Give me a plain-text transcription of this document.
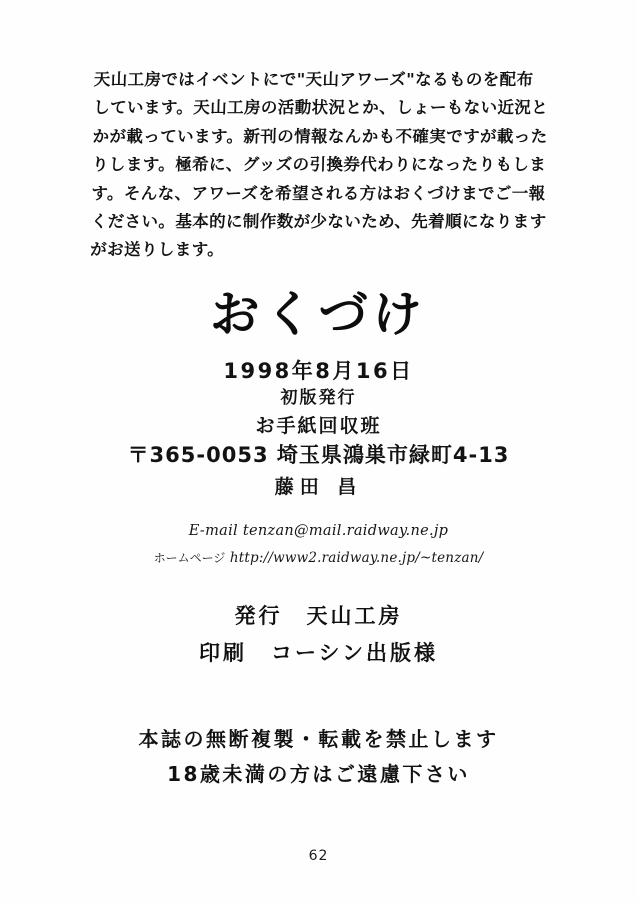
天山工房ではイベントにで"天山アワーズ"なるものを配布しています。天山工房の活動状況とか、しょーもない近況とかが載っています。新刊の情報なんかも不確実ですが載ったりします。極希に、グッズの引換券代わりになったりもします。そんな、アワーズを希望される方はおくづけまでご一報ください。基本的に制作数が少ないため、先着順になりますがお送りします。

おくづけ
1998年8月16日
初版発行
お手紙回収班
〒365-0053 埼玉県鴻巣市緑町4-13
藤田 昌
E-mail tenzan@mail.raidway.ne.jp
ホームページ http://www2.raidway.ne.jp/~tenzan/
発行　天山工房
印刷　コーシン出版様
本誌の無断複製・転載を禁止します
18歳未満の方はご遠慮下さい
62
